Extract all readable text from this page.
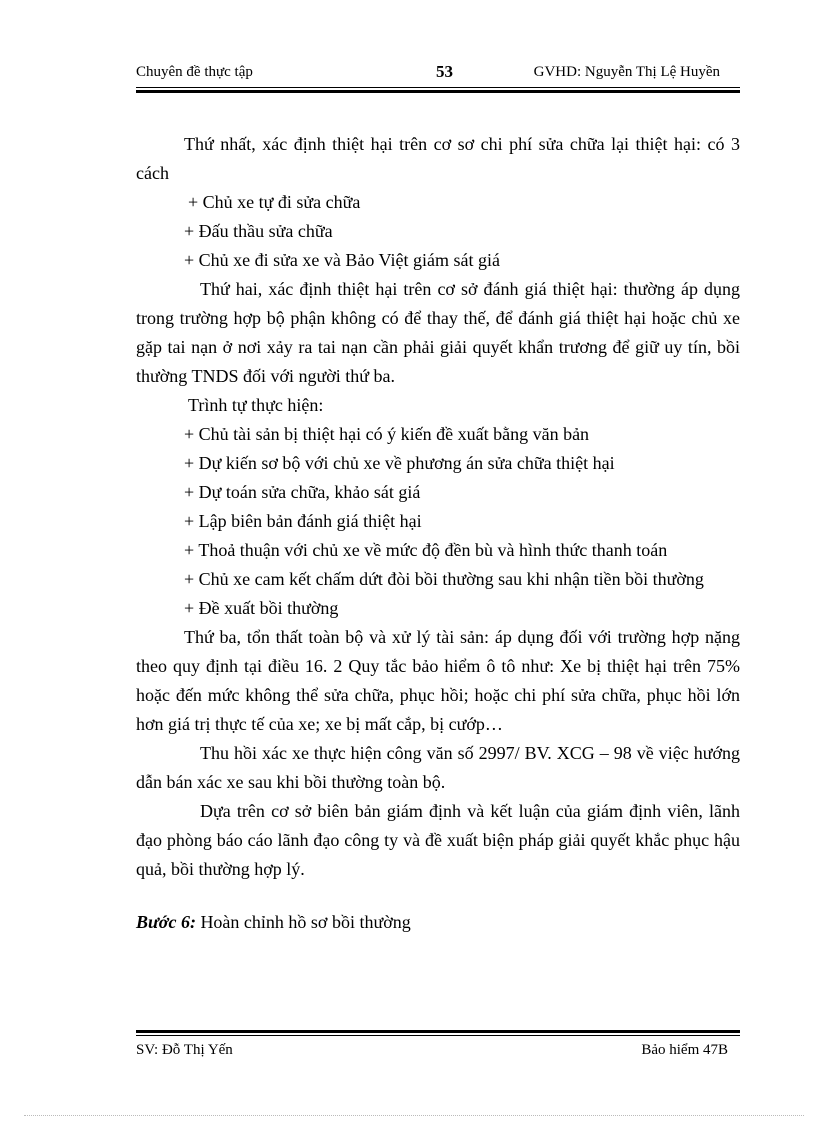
Chuyên đề thực tập	53	GVHD: Nguyễn Thị Lệ Huyền

Thứ nhất, xác định thiệt hại trên cơ sơ chi phí sửa chữa lại thiệt hại: có 3 cách

+ Chủ xe tự đi sửa chữa

+ Đấu thầu sửa chữa

+ Chủ xe đi sửa xe và Bảo Việt giám sát giá

Thứ hai, xác định thiệt hại trên cơ sở đánh giá thiệt hại: thường áp dụng trong trường hợp bộ phận không có để thay thế, để đánh giá thiệt hại hoặc chủ xe gặp tai nạn ở nơi xảy ra tai nạn cần phải giải quyết khẩn trương để giữ uy tín, bồi thường TNDS đối với người thứ ba.

Trình tự thực hiện:

+ Chủ tài sản bị thiệt hại có ý kiến đề xuất bằng văn bản

+ Dự kiến sơ bộ với chủ xe về phương án sửa chữa thiệt hại

+ Dự toán sửa chữa, khảo sát giá

+ Lập biên bản đánh giá thiệt hại

+ Thoả thuận với chủ xe về mức độ đền bù và hình thức thanh toán

+ Chủ xe cam kết chấm dứt đòi bồi thường sau khi nhận tiền bồi thường

+ Đề xuất bồi thường

Thứ ba, tổn thất toàn bộ và xử lý tài sản: áp dụng đối với trường hợp nặng theo quy định tại điều 16. 2 Quy tắc bảo hiểm ô tô như: Xe bị thiệt hại trên 75% hoặc đến mức không thể sửa chữa, phục hồi; hoặc chi phí sửa chữa, phục hồi lớn hơn giá trị thực tế của xe; xe bị mất cắp, bị cướp…

Thu hồi xác xe thực hiện công văn số 2997/ BV. XCG – 98 về việc hướng dẫn bán xác xe sau khi bồi thường toàn bộ.

Dựa trên cơ sở biên bản giám định và kết luận của giám định viên, lãnh đạo phòng báo cáo lãnh đạo công ty và đề xuất biện pháp giải quyết khắc phục hậu quả, bồi thường hợp lý.

Bước 6: Hoàn chỉnh hồ sơ bồi thường

SV: Đỗ Thị Yến	Bảo hiểm 47B
